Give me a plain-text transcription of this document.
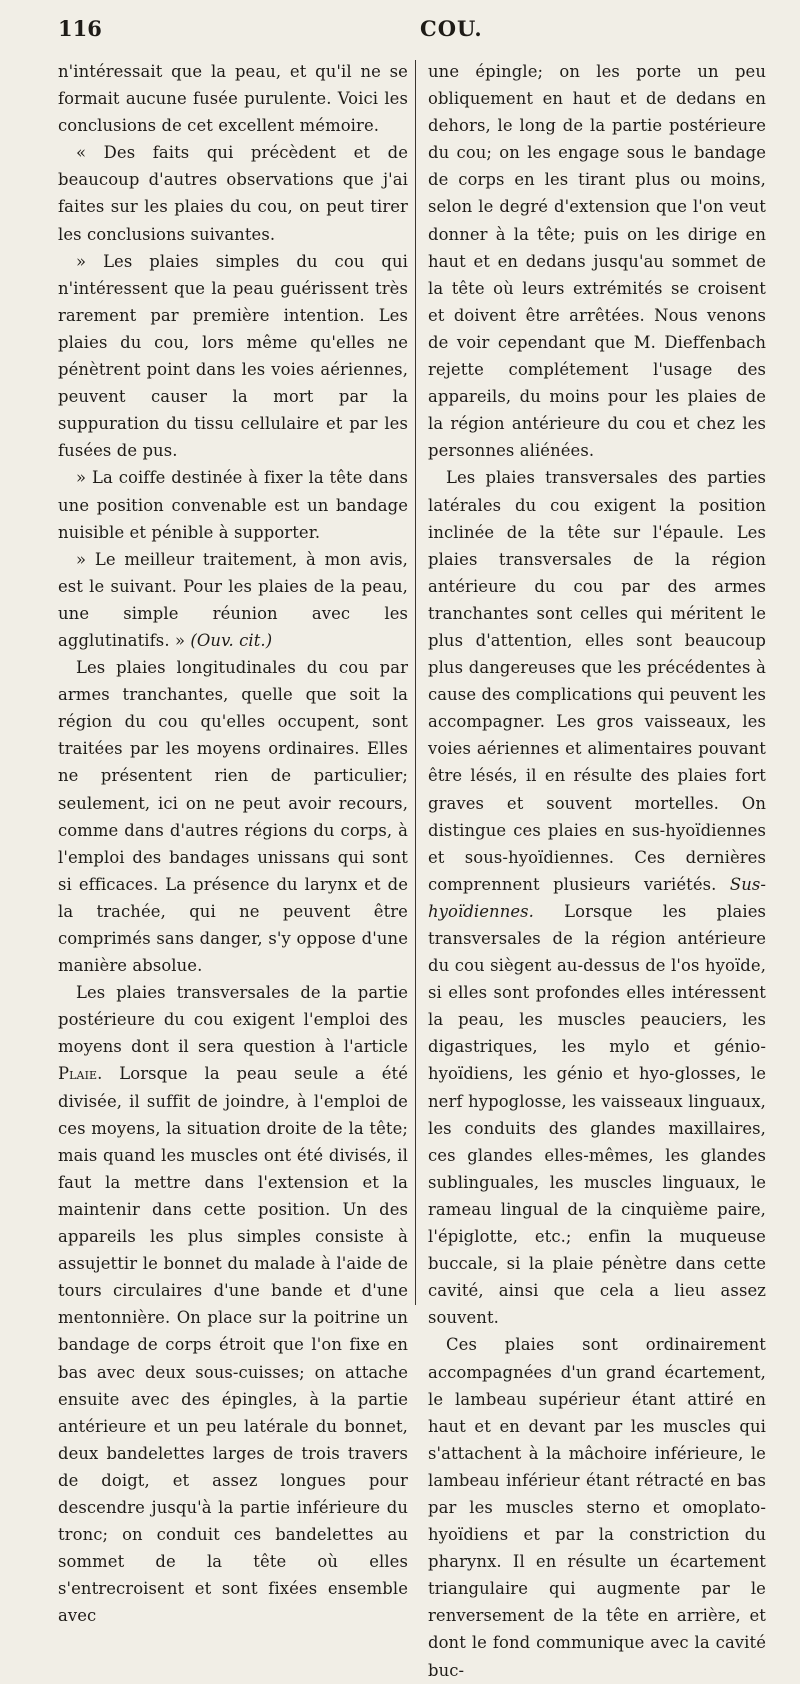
116	COU.

n'intéressait que la peau, et qu'il ne se formait aucune fusée purulente. Voici les conclusions de cet excellent mémoire.

« Des faits qui précèdent et de beaucoup d'autres observations que j'ai faites sur les plaies du cou, on peut tirer les conclusions suivantes.

» Les plaies simples du cou qui n'intéressent que la peau guérissent très rarement par première intention. Les plaies du cou, lors même qu'elles ne pénètrent point dans les voies aériennes, peuvent causer la mort par la suppuration du tissu cellulaire et par les fusées de pus.

» La coiffe destinée à fixer la tête dans une position convenable est un bandage nuisible et pénible à supporter.

» Le meilleur traitement, à mon avis, est le suivant. Pour les plaies de la peau, une simple réunion avec les agglutinatifs. » (Ouv. cit.)

Les plaies longitudinales du cou par armes tranchantes, quelle que soit la région du cou qu'elles occupent, sont traitées par les moyens ordinaires. Elles ne présentent rien de particulier; seulement, ici on ne peut avoir recours, comme dans d'autres régions du corps, à l'emploi des bandages unissans qui sont si efficaces. La présence du larynx et de la trachée, qui ne peuvent être comprimés sans danger, s'y oppose d'une manière absolue.

Les plaies transversales de la partie postérieure du cou exigent l'emploi des moyens dont il sera question à l'article Plaie. Lorsque la peau seule a été divisée, il suffit de joindre, à l'emploi de ces moyens, la situation droite de la tête; mais quand les muscles ont été divisés, il faut la mettre dans l'extension et la maintenir dans cette position. Un des appareils les plus simples consiste à assujettir le bonnet du malade à l'aide de tours circulaires d'une bande et d'une mentonnière. On place sur la poitrine un bandage de corps étroit que l'on fixe en bas avec deux sous-cuisses; on attache ensuite avec des épingles, à la partie antérieure et un peu latérale du bonnet, deux bandelettes larges de trois travers de doigt, et assez longues pour descendre jusqu'à la partie inférieure du tronc; on conduit ces bandelettes au sommet de la tête où elles s'entrecroisent et sont fixées ensemble avec

une épingle; on les porte un peu obliquement en haut et de dedans en dehors, le long de la partie postérieure du cou; on les engage sous le bandage de corps en les tirant plus ou moins, selon le degré d'extension que l'on veut donner à la tête; puis on les dirige en haut et en dedans jusqu'au sommet de la tête où leurs extrémités se croisent et doivent être arrêtées. Nous venons de voir cependant que M. Dieffenbach rejette complétement l'usage des appareils, du moins pour les plaies de la région antérieure du cou et chez les personnes aliénées.

Les plaies transversales des parties latérales du cou exigent la position inclinée de la tête sur l'épaule. Les plaies transversales de la région antérieure du cou par des armes tranchantes sont celles qui méritent le plus d'attention, elles sont beaucoup plus dangereuses que les précédentes à cause des complications qui peuvent les accompagner. Les gros vaisseaux, les voies aériennes et alimentaires pouvant être lésés, il en résulte des plaies fort graves et souvent mortelles. On distingue ces plaies en sus-hyoïdiennes et sous-hyoïdiennes. Ces dernières comprennent plusieurs variétés. Sus-hyoïdiennes. Lorsque les plaies transversales de la région antérieure du cou siègent au-dessus de l'os hyoïde, si elles sont profondes elles intéressent la peau, les muscles peauciers, les digastriques, les mylo et génio-hyoïdiens, les génio et hyo-glosses, le nerf hypoglosse, les vaisseaux linguaux, les conduits des glandes maxillaires, ces glandes elles-mêmes, les glandes sublinguales, les muscles linguaux, le rameau lingual de la cinquième paire, l'épiglotte, etc.; enfin la muqueuse buccale, si la plaie pénètre dans cette cavité, ainsi que cela a lieu assez souvent.

Ces plaies sont ordinairement accompagnées d'un grand écartement, le lambeau supérieur étant attiré en haut et en devant par les muscles qui s'attachent à la mâchoire inférieure, le lambeau inférieur étant rétracté en bas par les muscles sterno et omoplato-hyoïdiens et par la constriction du pharynx. Il en résulte un écartement triangulaire qui augmente par le renversement de la tête en arrière, et dont le fond communique avec la cavité buc-
